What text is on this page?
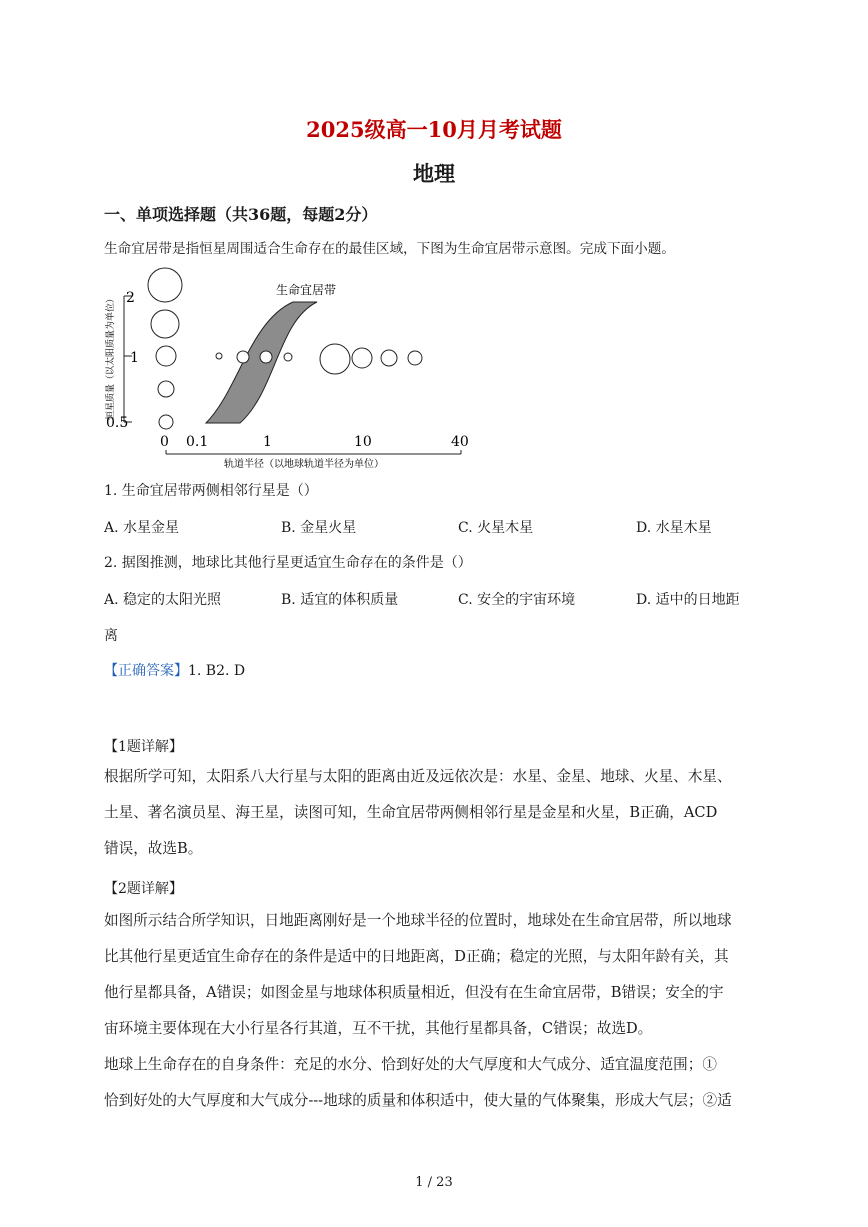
2025级高一10月月考试题
地理
一、单项选择题（共36题，每题2分）
生命宜居带是指恒星周围适合生命存在的最佳区域，下图为生命宜居带示意图。完成下面小题。
2
1
0.5
恒星质量（以太阳质量为单位）
生命宜居带
0 0.1	1	10	40
轨道半径（以地球轨道半径为单位）
1. 生命宜居带两侧相邻行星是（）
A. 水星金星	B. 金星火星	C. 火星木星	D. 水星木星
2. 据图推测，地球比其他行星更适宜生命存在的条件是（）
A. 稳定的太阳光照	B. 适宜的体积质量	C. 安全的宇宙环境	D. 适中的日地距
离
【正确答案】1. B2. D
【1题详解】
根据所学可知，太阳系八大行星与太阳的距离由近及远依次是：水星、金星、地球、火星、木星、
土星、著名演员星、海王星，读图可知，生命宜居带两侧相邻行星是金星和火星，B正确，ACD
错误，故选B。
【2题详解】
如图所示结合所学知识，日地距离刚好是一个地球半径的位置时，地球处在生命宜居带，所以地球
比其他行星更适宜生命存在的条件是适中的日地距离，D正确；稳定的光照，与太阳年龄有关，其
他行星都具备，A错误；如图金星与地球体积质量相近，但没有在生命宜居带，B错误；安全的宇
宙环境主要体现在大小行星各行其道，互不干扰，其他行星都具备，C错误；故选D。
地球上生命存在的自身条件：充足的水分、恰到好处的大气厚度和大气成分、适宜温度范围；①
恰到好处的大气厚度和大气成分---地球的质量和体积适中，使大量的气体聚集，形成大气层；②适
1 / 23
